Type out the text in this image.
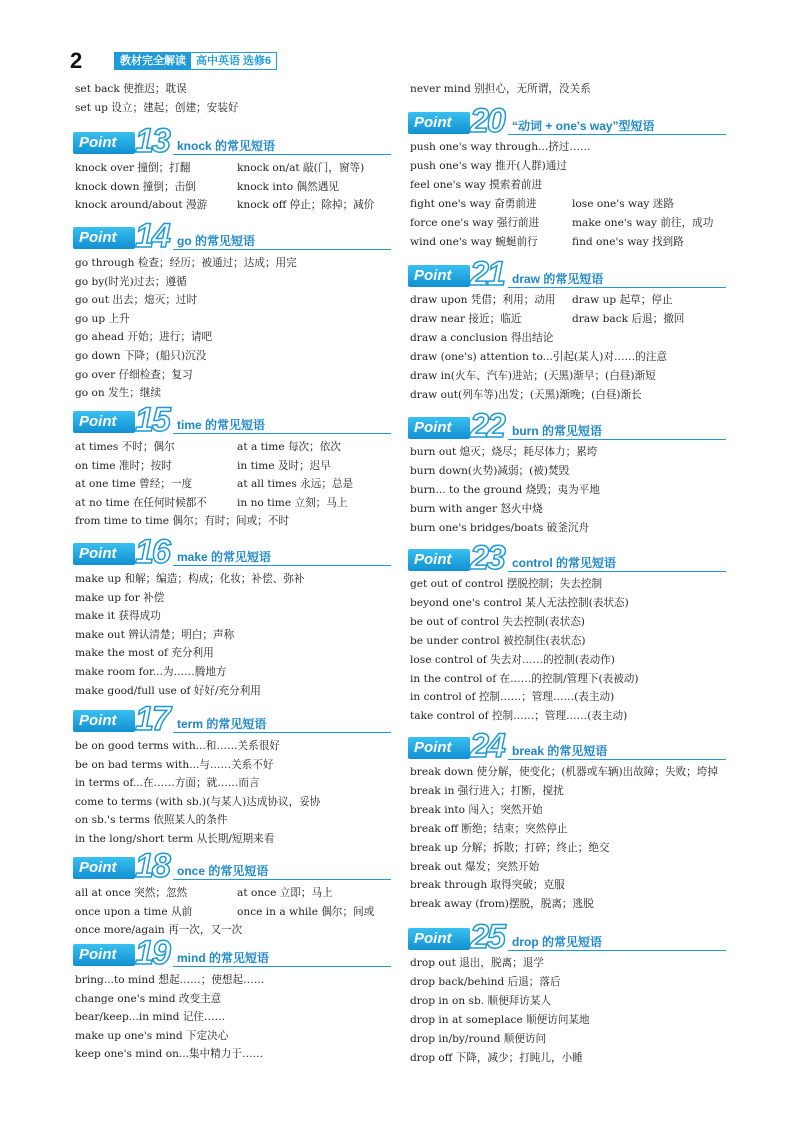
2	教材完全解读 高中英语 选修6
set back 使推迟；耽误
set up 设立；建起；创建；安装好
Point 13 knock 的常见短语
knock over 撞倒；打翻	knock on/at 敲(门，窗等)
knock down 撞倒；击倒	knock into 偶然遇见
knock around/about 漫游	knock off 停止；除掉；减价
Point 14 go 的常见短语
go through 检查；经历；被通过；达成；用完
go by(时光)过去；遵循
go out 出去；熄灭；过时
go up 上升
go ahead 开始；进行；请吧
go down 下降；(船只)沉没
go over 仔细检查；复习
go on 发生；继续
Point 15 time 的常见短语
at times 不时；偶尔	at a time 每次；依次
on time 准时；按时	in time 及时；迟早
at one time 曾经；一度	at all times 永远；总是
at no time 在任何时候都不	in no time 立刻；马上
from time to time 偶尔；有时；间或；不时
Point 16 make 的常见短语
make up 和解；编造；构成；化妆；补偿、弥补
make up for 补偿
make it 获得成功
make out 辨认清楚；明白；声称
make the most of 充分利用
make room for...为……腾地方
make good/full use of 好好/充分利用
Point 17 term 的常见短语
be on good terms with...和……关系很好
be on bad terms with...与……关系不好
in terms of...在……方面；就……而言
come to terms (with sb.)(与某人)达成协议，妥协
on sb.'s terms 依照某人的条件
in the long/short term 从长期/短期来看
Point 18 once 的常见短语
all at once 突然；忽然	at once 立即；马上
once upon a time 从前	once in a while 偶尔；间或
once more/again 再一次，又一次
Point 19 mind 的常见短语
bring...to mind 想起……；使想起……
change one's mind 改变主意
bear/keep...in mind 记住……
make up one's mind 下定决心
keep one's mind on...集中精力于……
never mind 别担心，无所谓，没关系
Point 20 “动词 + one's way”型短语
push one's way through...挤过……
push one's way 推开(人群)通过
feel one's way 摸索着前进
fight one's way 奋勇前进	lose one's way 迷路
force one's way 强行前进	make one's way 前往，成功
wind one's way 蜿蜒前行	find one's way 找到路
Point 21 draw 的常见短语
draw upon 凭借；利用；动用 draw up 起草；停止
draw near 接近；临近	draw back 后退；撤回
draw a conclusion 得出结论
draw (one's) attention to...引起(某人)对……的注意
draw in(火车、汽车)进站；(天黑)渐早；(白昼)渐短
draw out(列车等)出发；(天黑)渐晚；(白昼)渐长
Point 22 burn 的常见短语
burn out 熄灭；烧尽；耗尽体力；累垮
burn down(火势)减弱；(被)焚毁
burn... to the ground 烧毁；夷为平地
burn with anger 怒火中烧
burn one's bridges/boats 破釜沉舟
Point 23 control 的常见短语
get out of control 摆脱控制；失去控制
beyond one's control 某人无法控制(表状态)
be out of control 失去控制(表状态)
be under control 被控制住(表状态)
lose control of 失去对……的控制(表动作)
in the control of 在……的控制/管理下(表被动)
in control of 控制……；管理……(表主动)
take control of 控制……；管理……(表主动)
Point 24 break 的常见短语
break down 使分解，使变化；(机器或车辆)出故障；失败；垮掉
break in 强行进入；打断，搅扰
break into 闯入；突然开始
break off 断绝；结束；突然停止
break up 分解；拆散；打碎；终止；绝交
break out 爆发；突然开始
break through 取得突破；克服
break away (from)摆脱，脱离；逃脱
Point 25 drop 的常见短语
drop out 退出，脱离；退学
drop back/behind 后退；落后
drop in on sb. 顺便拜访某人
drop in at someplace 顺便访问某地
drop in/by/round 顺便访问
drop off 下降，减少；打盹儿，小睡
